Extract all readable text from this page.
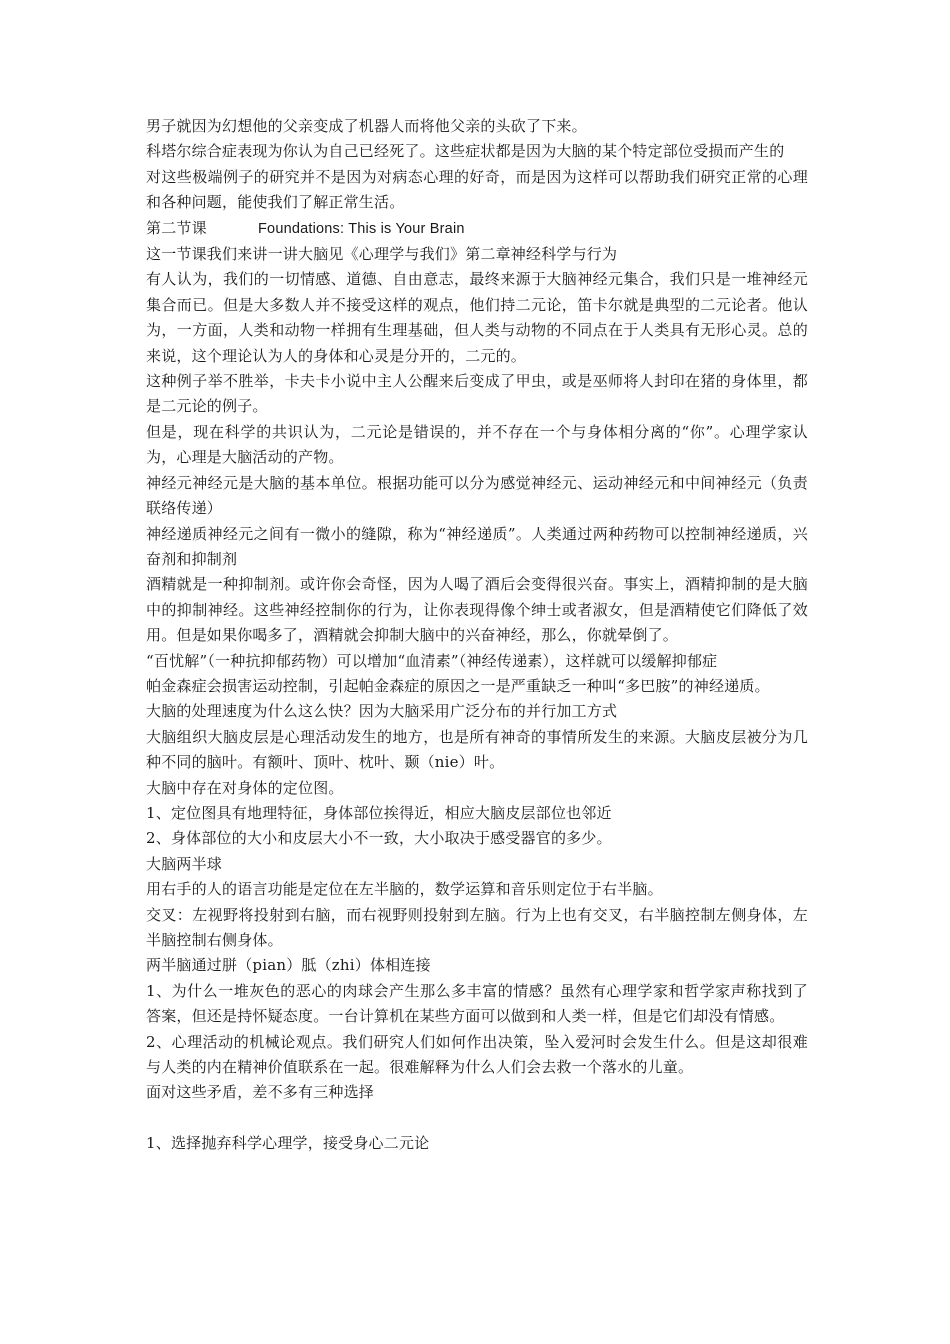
男子就因为幻想他的父亲变成了机器人而将他父亲的头砍了下来。

科塔尔综合症表现为你认为自己已经死了。这些症状都是因为大脑的某个特定部位受损而产生的

对这些极端例子的研究并不是因为对病态心理的好奇，而是因为这样可以帮助我们研究正常的心理和各种问题，能使我们了解正常生活。

第二节课	Foundations: This is Your Brain

这一节课我们来讲一讲大脑见《心理学与我们》第二章神经科学与行为

有人认为，我们的一切情感、道德、自由意志，最终来源于大脑神经元集合，我们只是一堆神经元集合而已。但是大多数人并不接受这样的观点，他们持二元论，笛卡尔就是典型的二元论者。他认为，一方面，人类和动物一样拥有生理基础，但人类与动物的不同点在于人类具有无形心灵。总的来说，这个理论认为人的身体和心灵是分开的，二元的。

这种例子举不胜举，卡夫卡小说中主人公醒来后变成了甲虫，或是巫师将人封印在猪的身体里，都是二元论的例子。

但是，现在科学的共识认为，二元论是错误的，并不存在一个与身体相分离的“你”。心理学家认为，心理是大脑活动的产物。

神经元神经元是大脑的基本单位。根据功能可以分为感觉神经元、运动神经元和中间神经元（负责联络传递）

神经递质神经元之间有一微小的缝隙，称为“神经递质”。人类通过两种药物可以控制神经递质，兴奋剂和抑制剂

酒精就是一种抑制剂。或许你会奇怪，因为人喝了酒后会变得很兴奋。事实上，酒精抑制的是大脑中的抑制神经。这些神经控制你的行为，让你表现得像个绅士或者淑女，但是酒精使它们降低了效用。但是如果你喝多了，酒精就会抑制大脑中的兴奋神经，那么，你就晕倒了。

“百忧解”（一种抗抑郁药物）可以增加“血清素”（神经传递素），这样就可以缓解抑郁症

帕金森症会损害运动控制，引起帕金森症的原因之一是严重缺乏一种叫“多巴胺”的神经递质。

大脑的处理速度为什么这么快？因为大脑采用广泛分布的并行加工方式

大脑组织大脑皮层是心理活动发生的地方，也是所有神奇的事情所发生的来源。大脑皮层被分为几种不同的脑叶。有额叶、顶叶、枕叶、颞（nie）叶。

大脑中存在对身体的定位图。

1、定位图具有地理特征，身体部位挨得近，相应大脑皮层部位也邻近

2、身体部位的大小和皮层大小不一致，大小取决于感受器官的多少。

大脑两半球

用右手的人的语言功能是定位在左半脑的，数学运算和音乐则定位于右半脑。

交叉：左视野将投射到右脑，而右视野则投射到左脑。行为上也有交叉，右半脑控制左侧身体，左半脑控制右侧身体。

两半脑通过胼（pian）胝（zhi）体相连接

1、为什么一堆灰色的恶心的肉球会产生那么多丰富的情感？虽然有心理学家和哲学家声称找到了答案，但还是持怀疑态度。一台计算机在某些方面可以做到和人类一样，但是它们却没有情感。

2、心理活动的机械论观点。我们研究人们如何作出决策，坠入爱河时会发生什么。但是这却很难与人类的内在精神价值联系在一起。很难解释为什么人们会去救一个落水的儿童。

面对这些矛盾，差不多有三种选择

1、选择抛弃科学心理学，接受身心二元论
